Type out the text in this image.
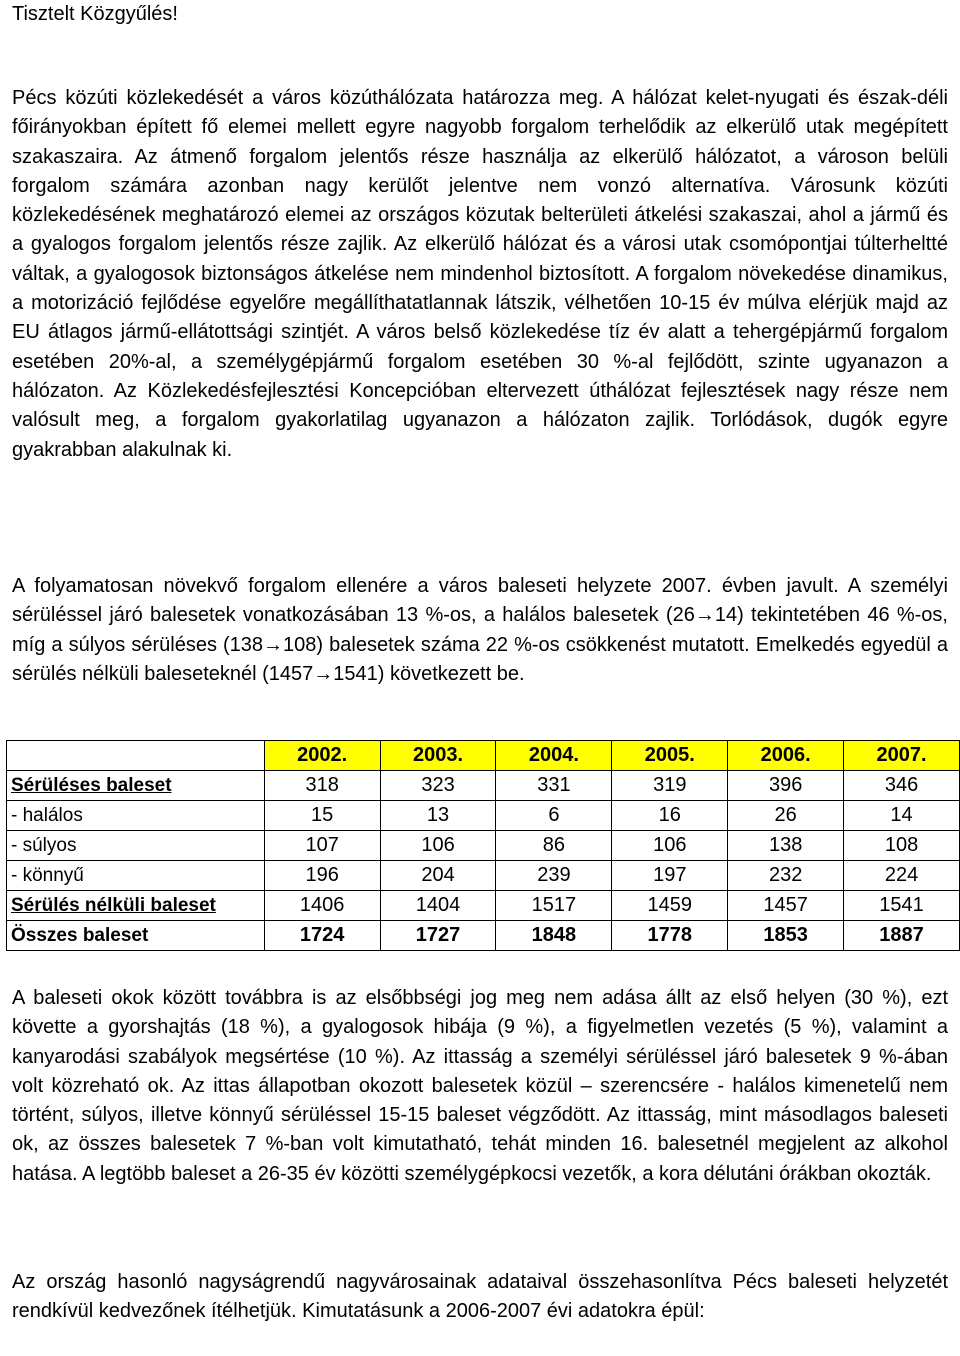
Tisztelt Közgyűlés!

Pécs közúti közlekedését a város közúthálózata határozza meg. A hálózat kelet-nyugati és észak-déli főirányokban épített fő elemei mellett egyre nagyobb forgalom terhelődik az elkerülő utak megépített szakaszaira. Az átmenő forgalom jelentős része használja az elkerülő hálózatot, a városon belüli forgalom számára azonban nagy kerülőt jelentve nem vonzó alternatíva. Városunk közúti közlekedésének meghatározó elemei az országos közutak belterületi átkelési szakaszai, ahol a jármű és a gyalogos forgalom jelentős része zajlik. Az elkerülő hálózat és a városi utak csomópontjai túlterheltté váltak, a gyalogosok biztonságos átkelése nem mindenhol biztosított. A forgalom növekedése dinamikus, a motorizáció fejlődése egyelőre megállíthatatlannak látszik, vélhetően 10-15 év múlva elérjük majd az EU átlagos jármű-ellátottsági szintjét. A város belső közlekedése tíz év alatt a tehergépjármű forgalom esetében 20%-al, a személygépjármű forgalom esetében 30 %-al fejlődött, szinte ugyanazon a hálózaton. Az Közlekedésfejlesztési Koncepcióban eltervezett úthálózat fejlesztések nagy része nem valósult meg, a forgalom gyakorlatilag ugyanazon a hálózaton zajlik. Torlódások, dugók egyre gyakrabban alakulnak ki.

A folyamatosan növekvő forgalom ellenére a város baleseti helyzete 2007. évben javult. A személyi sérüléssel járó balesetek vonatkozásában 13 %-os, a halálos balesetek (26→14) tekintetében 46 %-os, míg a súlyos sérüléses (138→108) balesetek száma 22 %-os csökkenést mutatott. Emelkedés egyedül a sérülés nélküli baleseteknél (1457→1541) következett be.

	2002.	2003.	2004.	2005.	2006.	2007.
Sérüléses baleset	318	323	331	319	396	346
- halálos	15	13	6	16	26	14
- súlyos	107	106	86	106	138	108
- könnyű	196	204	239	197	232	224
Sérülés nélküli baleset	1406	1404	1517	1459	1457	1541
Összes baleset	1724	1727	1848	1778	1853	1887

A baleseti okok között továbbra is az elsőbbségi jog meg nem adása állt az első helyen (30 %), ezt követte a gyorshajtás (18 %), a gyalogosok hibája (9 %), a figyelmetlen vezetés (5 %), valamint a kanyarodási szabályok megsértése (10 %). Az ittasság a személyi sérüléssel járó balesetek 9 %-ában volt közreható ok. Az ittas állapotban okozott balesetek közül – szerencsére - halálos kimenetelű nem történt, súlyos, illetve könnyű sérüléssel 15-15 baleset végződött. Az ittasság, mint másodlagos baleseti ok, az összes balesetek 7 %-ban volt kimutatható, tehát minden 16. balesetnél megjelent az alkohol hatása. A legtöbb baleset a 26-35 év közötti személygépkocsi vezetők, a kora délutáni órákban okozták.

Az ország hasonló nagyságrendű nagyvárosainak adataival összehasonlítva Pécs baleseti helyzetét rendkívül kedvezőnek ítélhetjük. Kimutatásunk a 2006-2007 évi adatokra épül:
